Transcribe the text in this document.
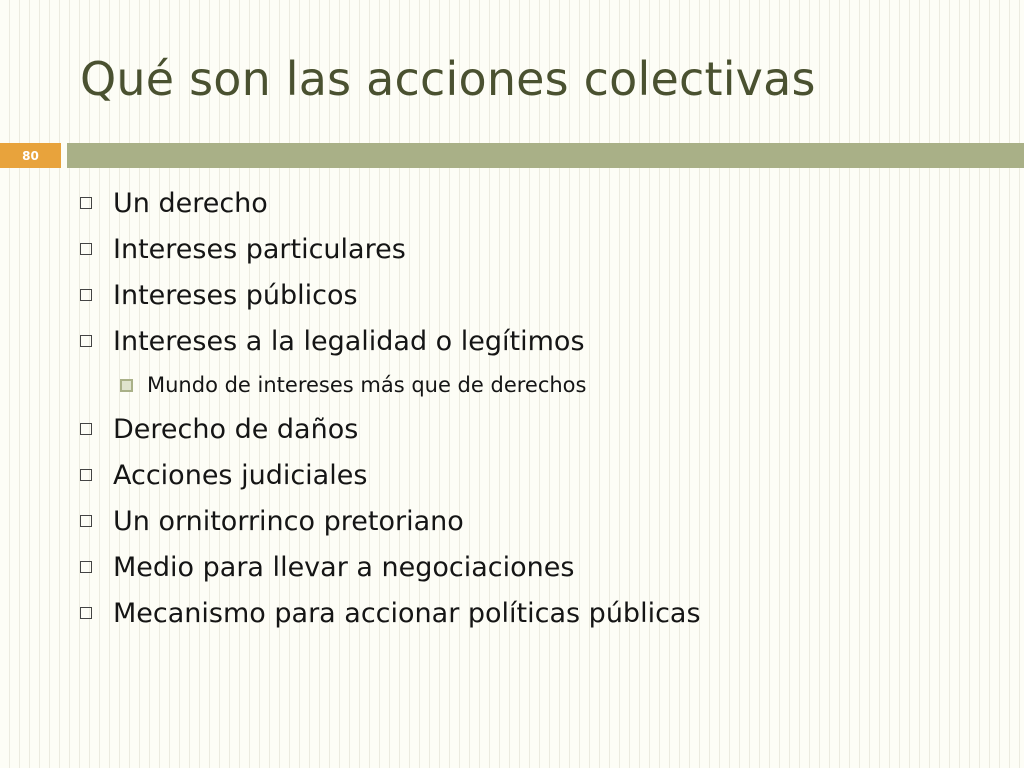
Qué son las acciones colectivas
80
Un derecho
Intereses particulares
Intereses públicos
Intereses a la legalidad o legítimos
Mundo de intereses más que de derechos
Derecho de daños
Acciones judiciales
Un ornitorrinco pretoriano
Medio para llevar a negociaciones
Mecanismo para accionar políticas públicas
